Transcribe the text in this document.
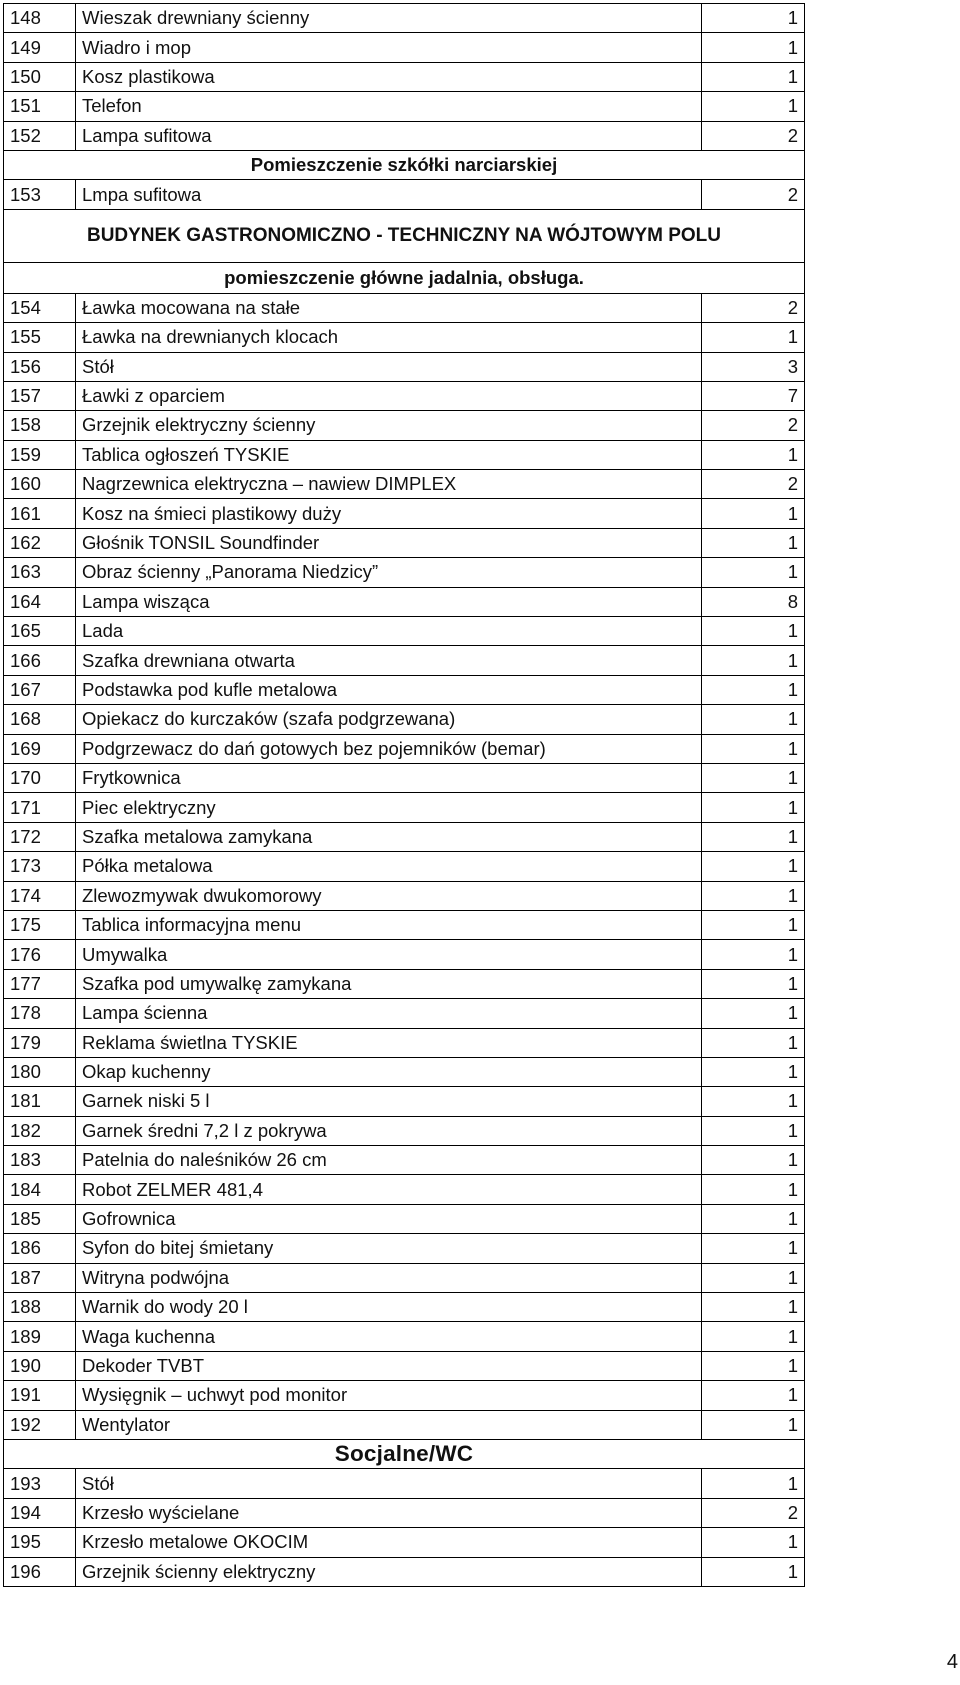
148	Wieszak drewniany ścienny	1
149	Wiadro i mop	1
150	Kosz plastikowa	1
151	Telefon	1
152	Lampa sufitowa	2
Pomieszczenie szkółki narciarskiej		
153	Lmpa sufitowa	2
BUDYNEK GASTRONOMICZNO - TECHNICZNY NA WÓJTOWYM POLU		
pomieszczenie główne jadalnia, obsługa.		
154	Ławka mocowana na stałe	2
155	Ławka na drewnianych klocach	1
156	Stół	3
157	Ławki z oparciem	7
158	Grzejnik elektryczny ścienny	2
159	Tablica ogłoszeń TYSKIE	1
160	Nagrzewnica elektryczna – nawiew DIMPLEX	2
161	Kosz na śmieci plastikowy duży	1
162	Głośnik TONSIL Soundfinder	1
163	Obraz ścienny „Panorama Niedzicy”	1
164	Lampa wisząca	8
165	Lada	1
166	Szafka drewniana otwarta	1
167	Podstawka pod kufle metalowa	1
168	Opiekacz do kurczaków (szafa podgrzewana)	1
169	Podgrzewacz do dań gotowych bez pojemników (bemar)	1
170	Frytkownica	1
171	Piec elektryczny	1
172	Szafka metalowa zamykana	1
173	Półka metalowa	1
174	Zlewozmywak dwukomorowy	1
175	Tablica informacyjna menu	1
176	Umywalka	1
177	Szafka pod umywalkę zamykana	1
178	Lampa ścienna	1
179	Reklama świetlna TYSKIE	1
180	Okap kuchenny	1
181	Garnek niski 5 l	1
182	Garnek średni 7,2 l z pokrywa	1
183	Patelnia do naleśników 26 cm	1
184	Robot ZELMER 481,4	1
185	Gofrownica	1
186	Syfon do bitej śmietany	1
187	Witryna podwójna	1
188	Warnik do wody 20 l	1
189	Waga kuchenna	1
190	Dekoder TVBT	1
191	Wysięgnik – uchwyt pod monitor	1
192	Wentylator	1
Socjalne/WC		
193	Stół	1
194	Krzesło wyścielane	2
195	Krzesło metalowe OKOCIM	1
196	Grzejnik ścienny elektryczny	1
4
